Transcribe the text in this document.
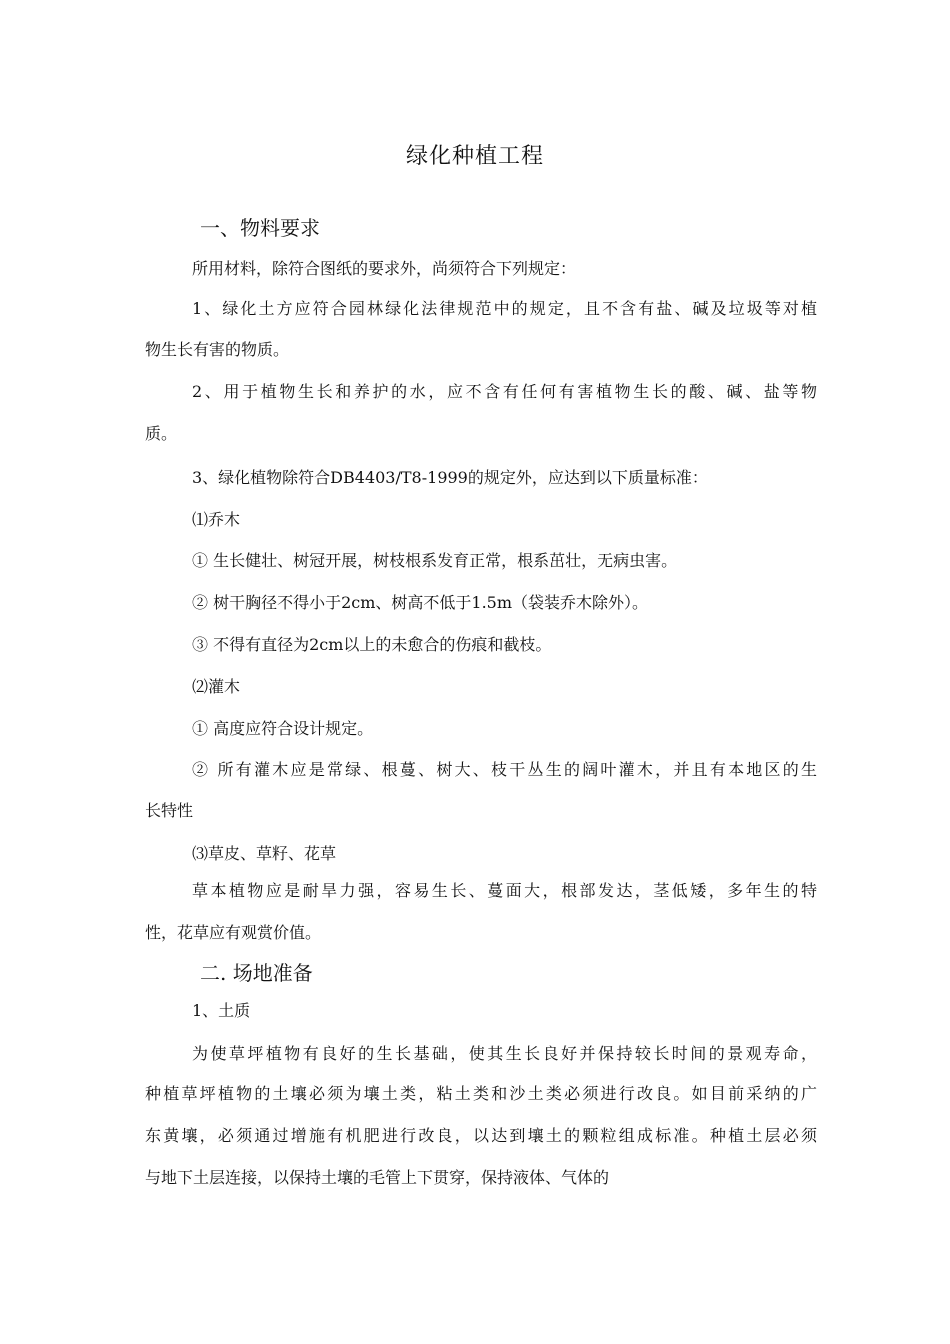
绿化种植工程
一、物料要求
所用材料，除符合图纸的要求外，尚须符合下列规定：
1、绿化土方应符合园林绿化法律规范中的规定，且不含有盐、碱及垃圾等对植
物生长有害的物质。
2、用于植物生长和养护的水，应不含有任何有害植物生长的酸、碱、盐等物
质。
3、绿化植物除符合DB4403/T8-1999的规定外，应达到以下质量标准：
⑴乔木
① 生长健壮、树冠开展，树枝根系发育正常，根系茁壮，无病虫害。
② 树干胸径不得小于2cm、树高不低于1.5m（袋装乔木除外）。
③ 不得有直径为2cm以上的未愈合的伤痕和截枝。
⑵灌木
① 高度应符合设计规定。
② 所有灌木应是常绿、根蔓、树大、枝干丛生的阔叶灌木，并且有本地区的生
长特性
⑶草皮、草籽、花草
草本植物应是耐旱力强，容易生长、蔓面大，根部发达，茎低矮，多年生的特
性，花草应有观赏价值。
二. 场地准备
1、土质
为使草坪植物有良好的生长基础，使其生长良好并保持较长时间的景观寿命，
种植草坪植物的土壤必须为壤土类，粘土类和沙土类必须进行改良。如目前采纳的广
东黄壤，必须通过增施有机肥进行改良，以达到壤土的颗粒组成标准。种植土层必须
与地下土层连接，以保持土壤的毛管上下贯穿，保持液体、气体的
